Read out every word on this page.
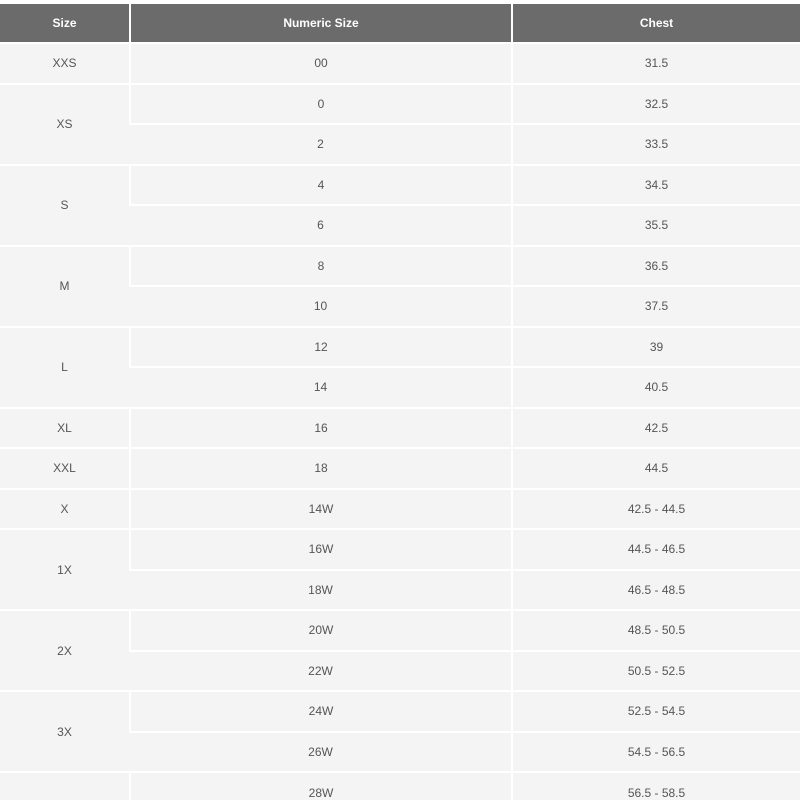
Size	Numeric Size	Chest
XXS	00	31.5
XS	0	32.5
	2	33.5
S	4	34.5
	6	35.5
M	8	36.5
	10	37.5
L	12	39
	14	40.5
XL	16	42.5
XXL	18	44.5
X	14W	42.5 - 44.5
1X	16W	44.5 - 46.5
	18W	46.5 - 48.5
2X	20W	48.5 - 50.5
	22W	50.5 - 52.5
3X	24W	52.5 - 54.5
	26W	54.5 - 56.5
	28W	56.5 - 58.5
